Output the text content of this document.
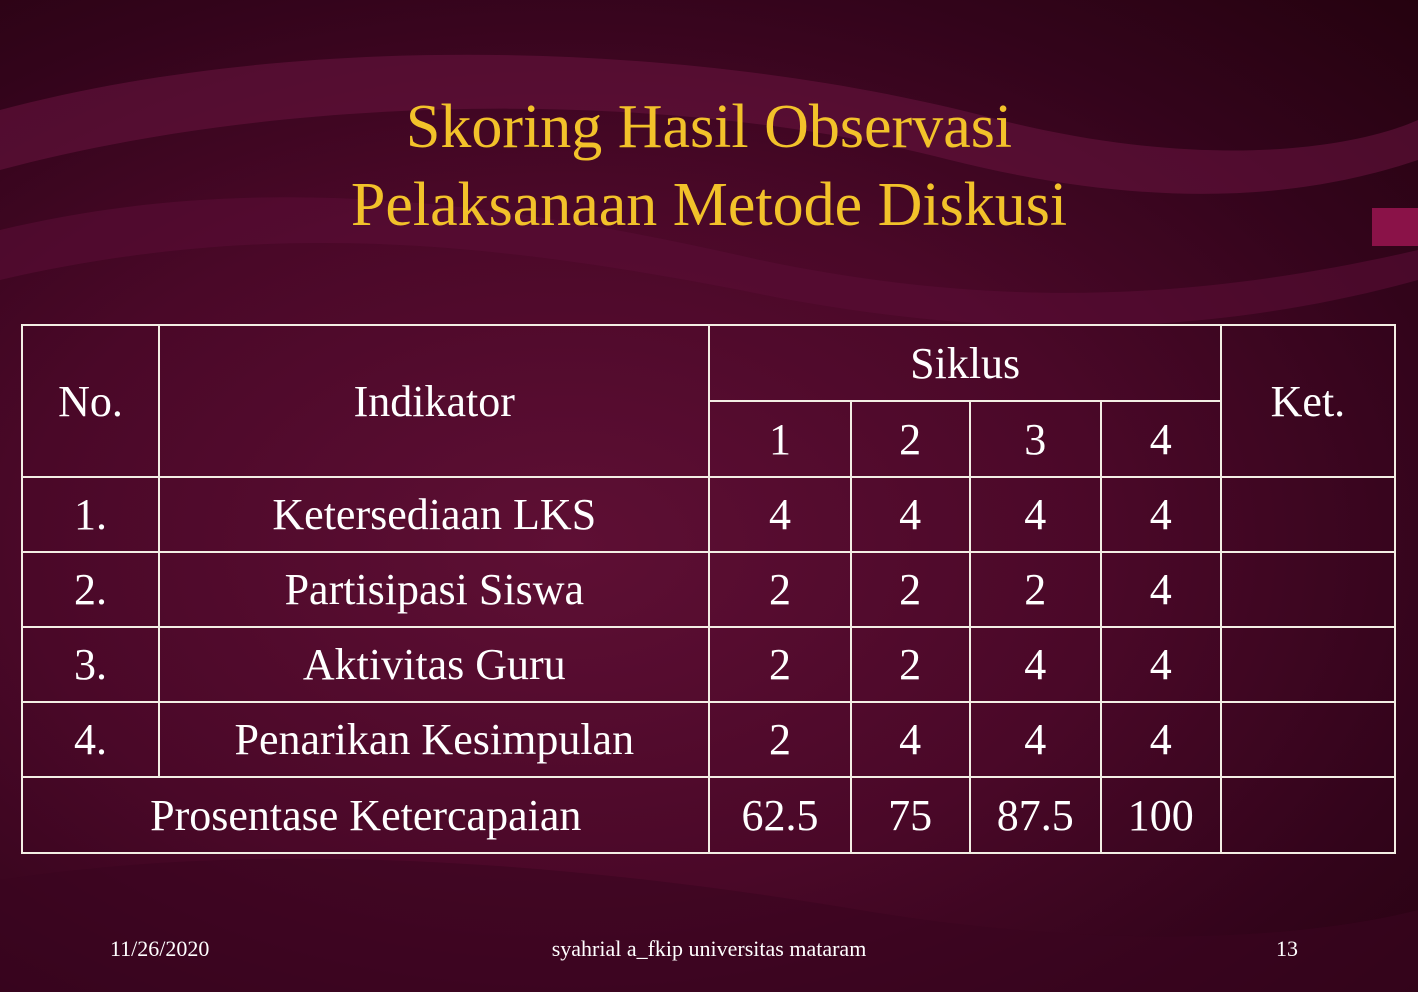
Skoring Hasil Observasi
Pelaksanaan Metode Diskusi
No.	Indikator	Siklus				Ket.
		1	2	3	4	
1.	Ketersediaan LKS	4	4	4	4	
2.	Partisipasi Siswa	2	2	2	4	
3.	Aktivitas Guru	2	2	4	4	
4.	Penarikan Kesimpulan	2	4	4	4	
Prosentase Ketercapaian		62.5	75	87.5	100	
11/26/2020	syahrial a_fkip universitas mataram	13
